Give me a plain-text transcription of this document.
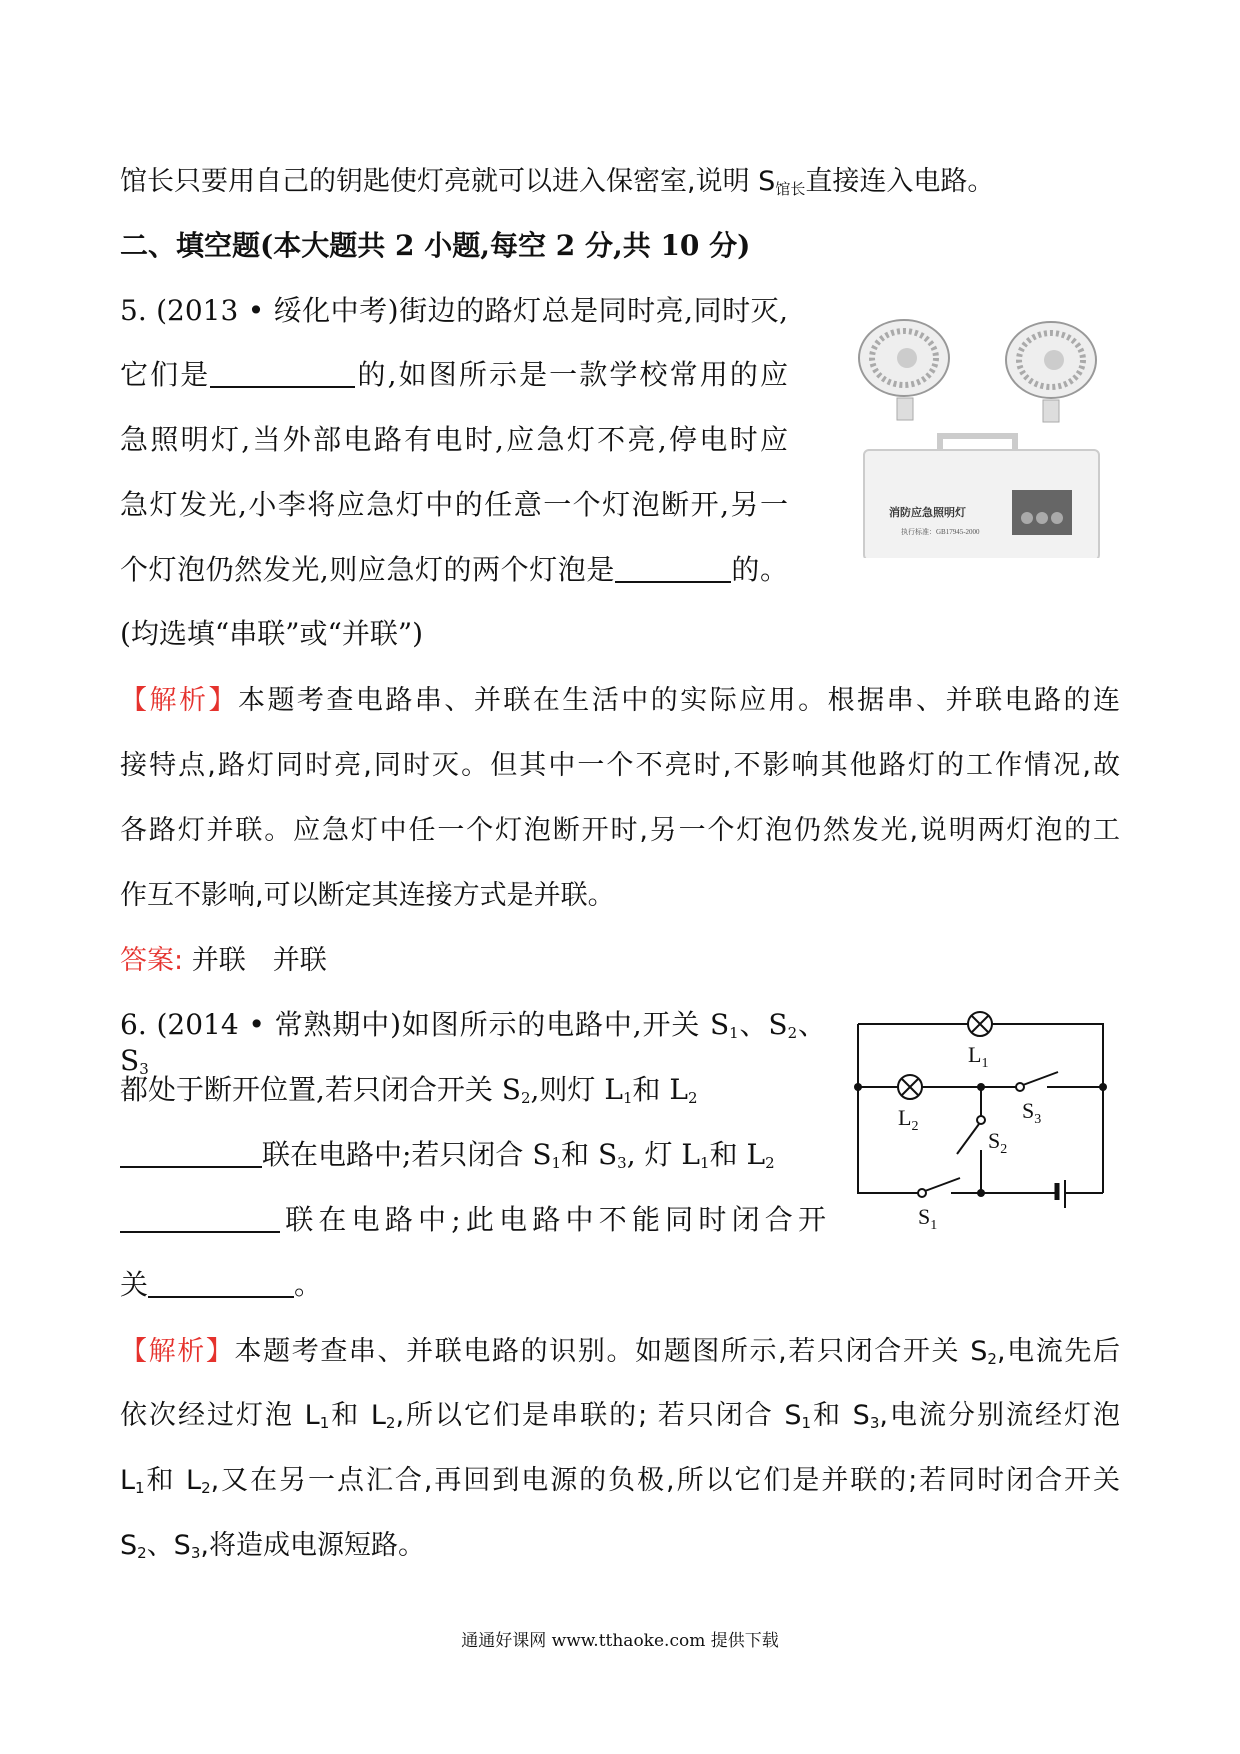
馆长只要用自己的钥匙使灯亮就可以进入保密室,说明 $S_{馆长}$直接连入电路。
二、填空题(本大题共 2 小题,每空 2 分,共 10 分)
5. (2013 • 绥化中考)街边的路灯总是同时亮,同时灭,
它们是	的,如图所示是一款学校常用的应
急照明灯,当外部电路有电时,应急灯不亮,停电时应
急灯发光,小李将应急灯中的任意一个灯泡断开,另一
个灯泡仍然发光,则应急灯的两个灯泡是	的。
(均选填“串联”或“并联”)
【解析】本题考查电路串、并联在生活中的实际应用。根据串、并联电路的连
接特点,路灯同时亮,同时灭。但其中一个不亮时,不影响其他路灯的工作情况,故
各路灯并联。应急灯中任一个灯泡断开时,另一个灯泡仍然发光,说明两灯泡的工
作互不影响,可以断定其连接方式是并联。
答案: 并联　并联
6. (2014 • 常熟期中)如图所示的电路中,开关 $S_1$、$S_2$、$S_3$
都处于断开位置,若只闭合开关 $S_2$,则灯 $L_1$和 $L_2$
联在电路中;若只闭合 $S_1$和 $S_3$, 灯 $L_1$和 $L_2$
联在电路中;此电路中不能同时闭合开
关	。
【解析】本题考查串、并联电路的识别。如题图所示,若只闭合开关 $S_2$,电流先后
依次经过灯泡 $L_1$和 $L_2$,所以它们是串联的; 若只闭合 $S_1$和 $S_3$,电流分别流经灯泡
$L_1$和 $L_2$,又在另一点汇合,再回到电源的负极,所以它们是并联的;若同时闭合开关
$S_2$、$S_3$,将造成电源短路。
消防应急照明灯
执行标准：GB17945-2000
$L_1$
$L_2$
$S_3$
$S_2$
$S_1$
通通好课网 www.tthaoke.com 提供下载
